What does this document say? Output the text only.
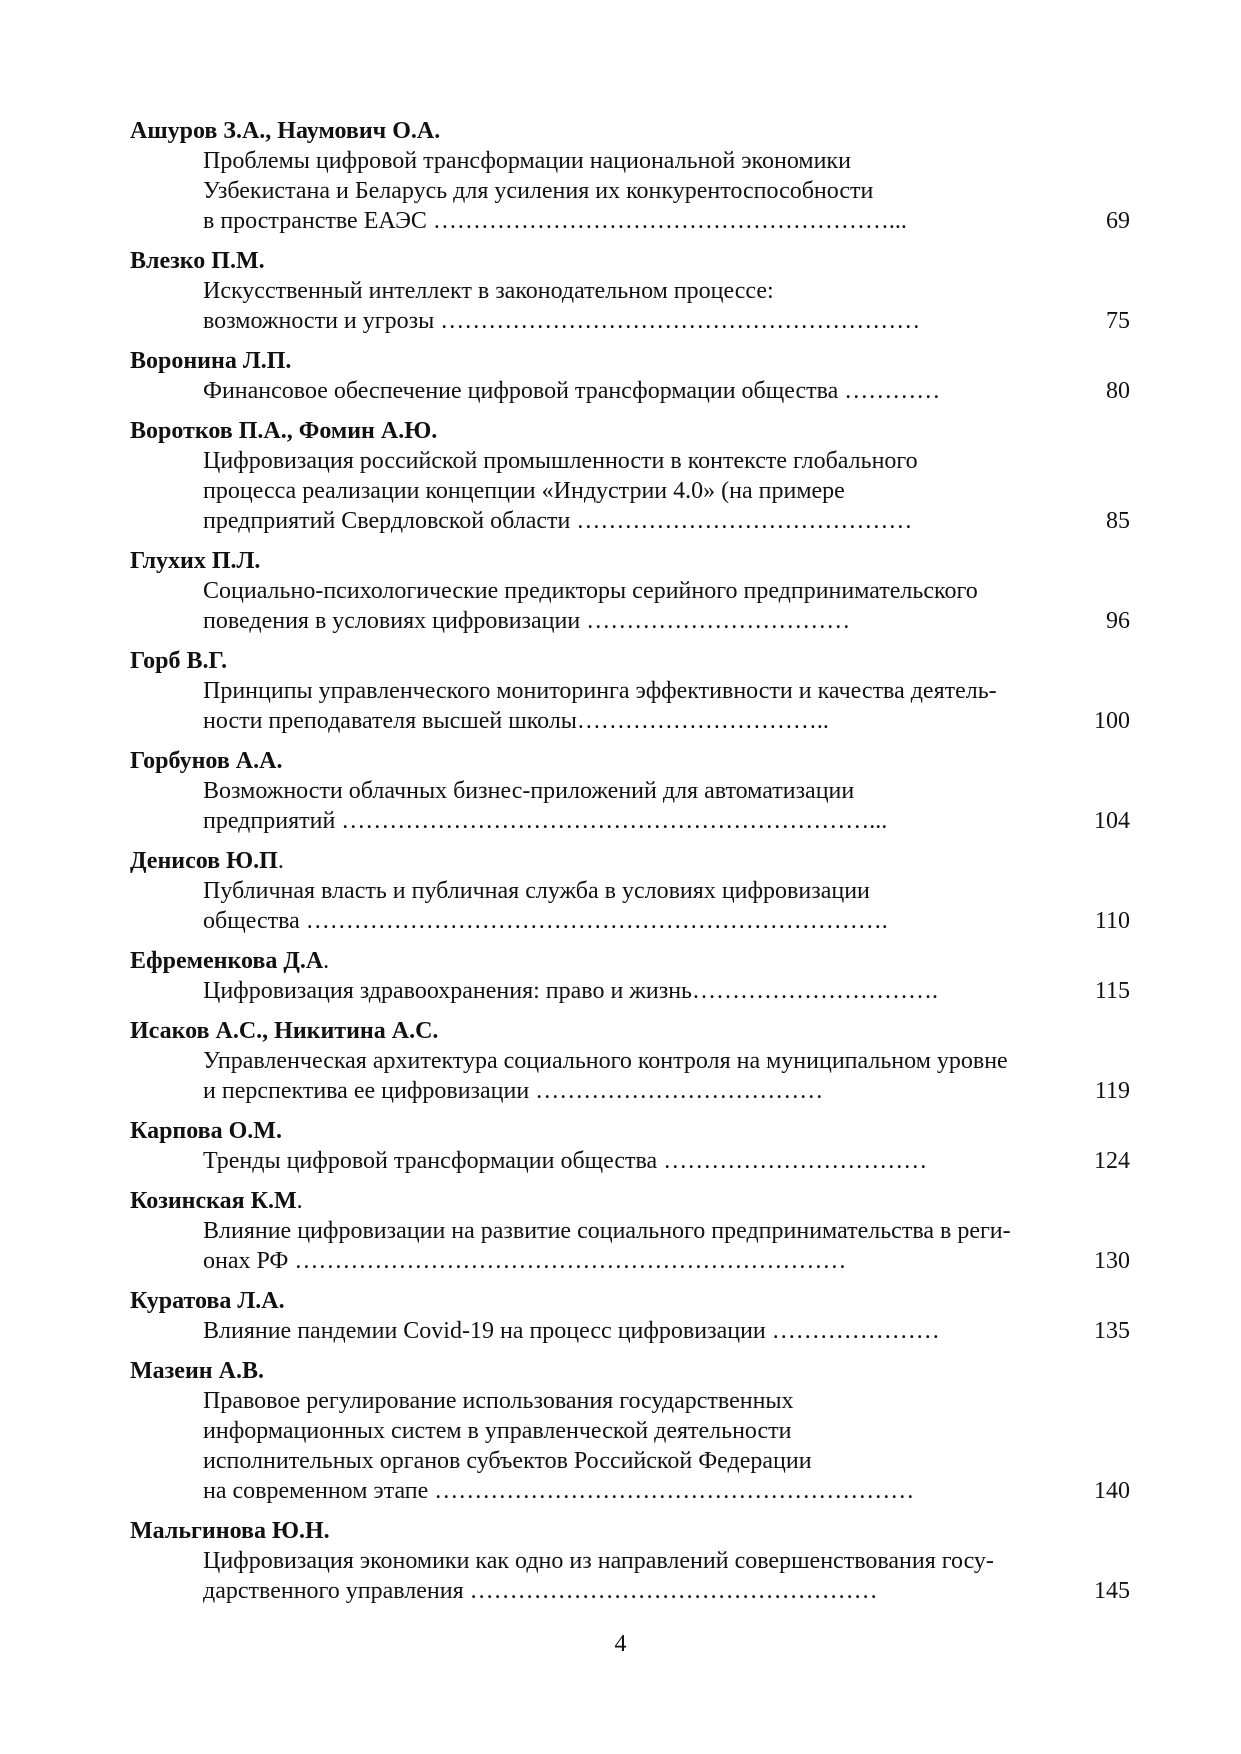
Ашуров З.А., Наумович О.А.
Проблемы цифровой трансформации национальной экономики
Узбекистана и Беларусь для усиления их конкурентоспособности
в пространстве ЕАЭС …………………………………………………...	69
Влезко П.М.
Искусственный интеллект в законодательном процессе:
возможности и угрозы ……………………………………………………	75
Воронина Л.П.
Финансовое обеспечение цифровой трансформации общества …………	80
Воротков П.А., Фомин А.Ю.
Цифровизация российской промышленности в контексте глобального
процесса реализации концепции «Индустрии 4.0» (на примере
предприятий Свердловской области ……………………………………	85
Глухих П.Л.
Социально-психологические предикторы серийного предпринимательского
поведения в условиях цифровизации ……………………………	96
Горб В.Г.
Принципы управленческого мониторинга эффективности и качества деятель-
ности преподавателя высшей школы…………………………..	100
Горбунов А.А.
Возможности облачных бизнес-приложений для автоматизации
предприятий …………………………………………………………...	104
Денисов Ю.П.
Публичная власть и публичная служба в условиях цифровизации
общества ……………………………………………………………….	110
Ефременкова Д.А.
Цифровизация здравоохранения: право и жизнь………………………….	115
Исаков А.С., Никитина А.С.
Управленческая архитектура социального контроля на муниципальном уровне
и перспектива ее цифровизации ………………………………	119
Карпова О.М.
Тренды цифровой трансформации общества ……………………………	124
Козинская К.М.
Влияние цифровизации на развитие социального предпринимательства в реги-
онах РФ ……………………………………………………………	130
Куратова Л.А.
Влияние пандемии Covid-19 на процесс цифровизации …………………	135
Мазеин А.В.
Правовое регулирование использования государственных
информационных систем в управленческой деятельности
исполнительных органов субъектов Российской Федерации
на современном этапе ……………………………………………………	140
Мальгинова Ю.Н.
Цифровизация экономики как одно из направлений совершенствования госу-
дарственного управления ……………………………………………	145
4
